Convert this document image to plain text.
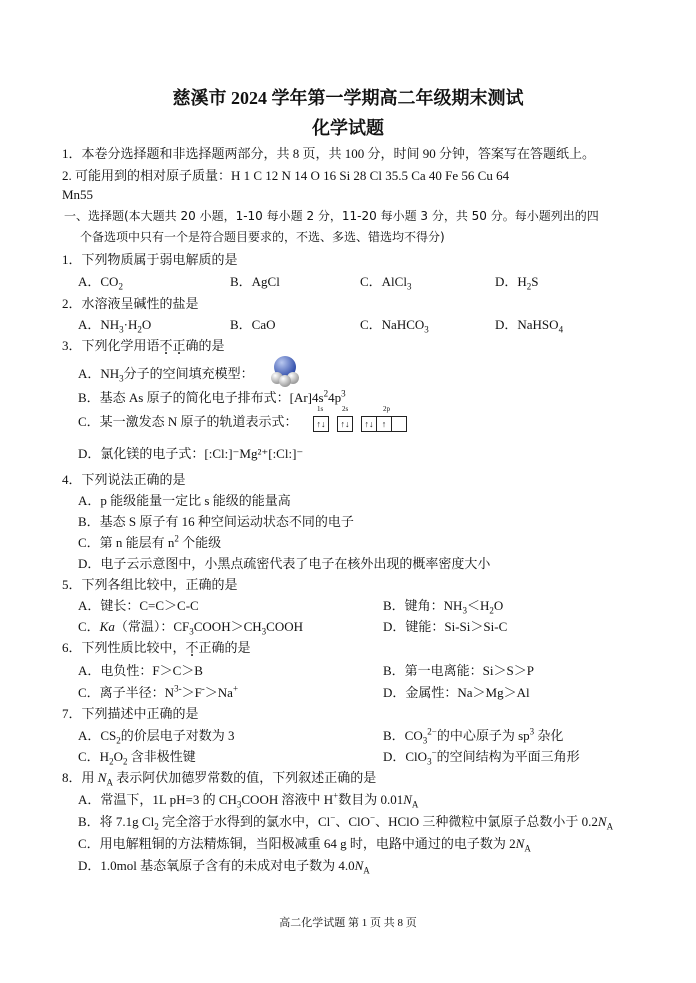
慈溪市 2024 学年第一学期高二年级期末测试
化学试题
1．本卷分选择题和非选择题两部分，共 8 页，共 100 分，时间 90 分钟，答案写在答题纸上。
2. 可能用到的相对原子质量：H 1 C 12 N 14 O 16 Si 28 Cl 35.5 Ca 40 Fe 56 Cu 64
Mn55
一、选择题(本大题共 20 小题，1-10 每小题 2 分，11-20 每小题 3 分，共 50 分。每小题列出的四
个备选项中只有一个是符合题目要求的，不选、多选、错选均不得分)
1．下列物质属于弱电解质的是
A．$CO_2$	B．AgCl	C．AlCl$_3$	D．$H_2S$
2．水溶液呈碱性的盐是
A．$NH_3\cdot H_2O$	B．CaO	C．NaHCO$_3$	D．NaHSO$_4$
3．下列化学用语不正确的是
A．$NH_3$分子的空间填充模型：
B．基态 As 原子的简化电子排布式：$[Ar]4s^24p^3$
C．某一激发态 N 原子的轨道表示式：
1s	2s	2p
↑↓		↑↓		↑↓	↑	
D．氯化镁的电子式：[:Cl:]⁻Mg²⁺[:Cl:]⁻
4．下列说法正确的是
A．p 能级能量一定比 s 能级的能量高
B．基态 S 原子有 16 种空间运动状态不同的电子
C．第 n 能层有 $n^2$ 个能级
D．电子云示意图中，小黑点疏密代表了电子在核外出现的概率密度大小
5．下列各组比较中，正确的是
A．键长：C=C＞C-C	B．键角：$NH_3<H_2O$
C．Ka（常温）：$CF_3COOH>CH_3COOH$	D．键能：Si-Si＞Si-C
6．下列性质比较中，不正确的是
A．电负性：F＞C＞B	B．第一电离能：Si＞S＞P
C．离子半径：$N^{3-}>F^->Na^+$	D．金属性：Na＞Mg＞Al
7．下列描述中正确的是
A．$CS_2$的价层电子对数为 3	B．$CO_3^{2-}$的中心原子为 $sp^3$ 杂化
C．$H_2O_2$ 含非极性键	D．ClO$_3$−的空间结构为平面三角形
8．用 $N_A$ 表示阿伏加德罗常数的值，下列叙述正确的是
A．常温下，1L pH=3 的 $CH_3COOH$ 溶液中 H+数目为 $0.01N_A$
B．将 7.1g $Cl_2$ 完全溶于水得到的氯水中，Cl−、ClO−、HClO 三种微粒中氯原子总数小于 $0.2N_A$
C．用电解粗铜的方法精炼铜，当阳极减重 64 g 时，电路中通过的电子数为 $2N_A$
D．1.0mol 基态氧原子含有的未成对电子数为 $4.0N_A$
高二化学试题 第 1 页 共 8 页
